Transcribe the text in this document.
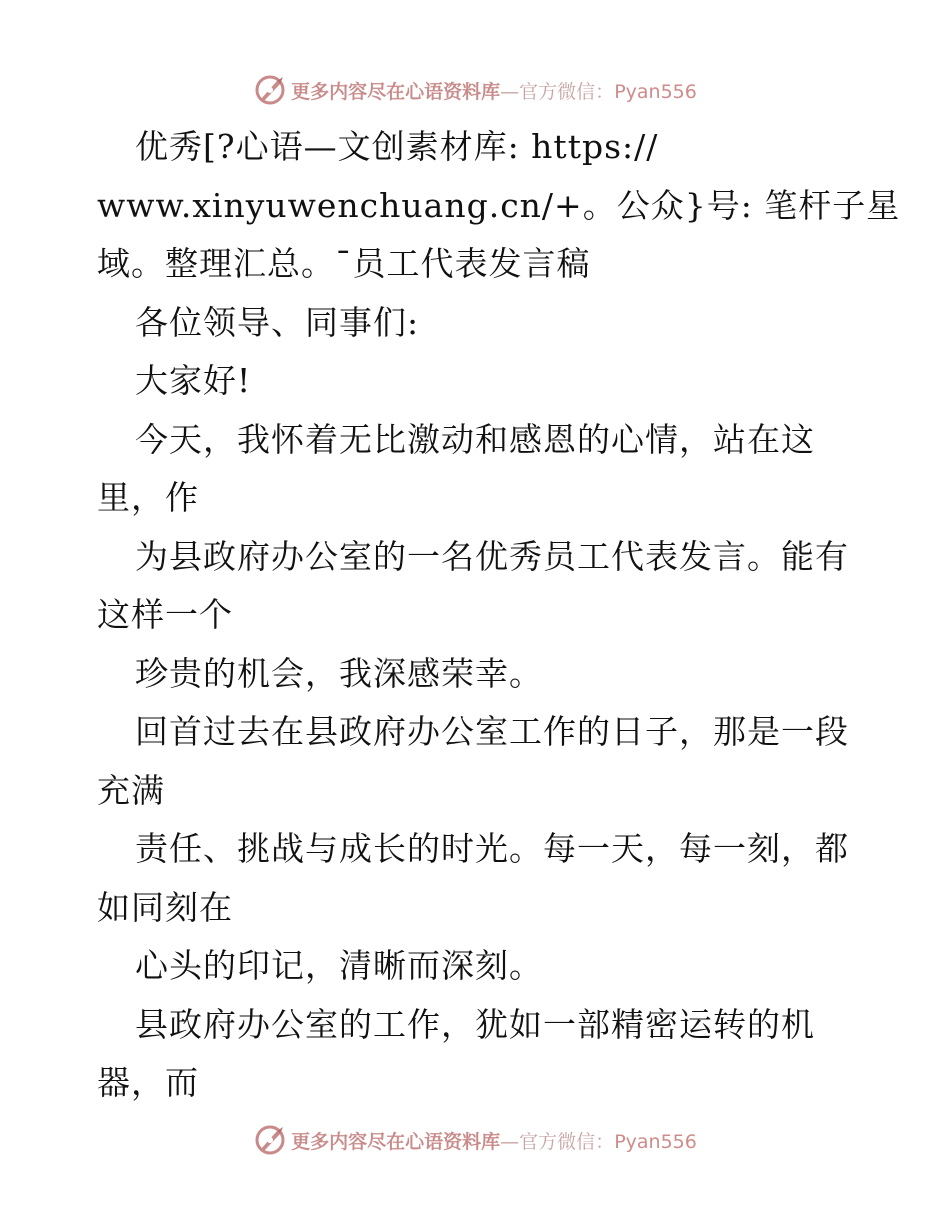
更多内容尽在心语资料库—官方微信：Pyan556
优秀[?心语—文创素材库: https://
www.xinyuwenchuang.cn/+。公众}号: 笔杆子星
域。整理汇总。¯员工代表发言稿
各位领导、同事们:
大家好!
今天，我怀着无比激动和感恩的心情，站在这
里，作
为县政府办公室的一名优秀员工代表发言。能有
这样一个
珍贵的机会，我深感荣幸。
回首过去在县政府办公室工作的日子，那是一段
充满
责任、挑战与成长的时光。每一天，每一刻，都
如同刻在
心头的印记，清晰而深刻。
县政府办公室的工作，犹如一部精密运转的机
器，而
更多内容尽在心语资料库—官方微信：Pyan556
